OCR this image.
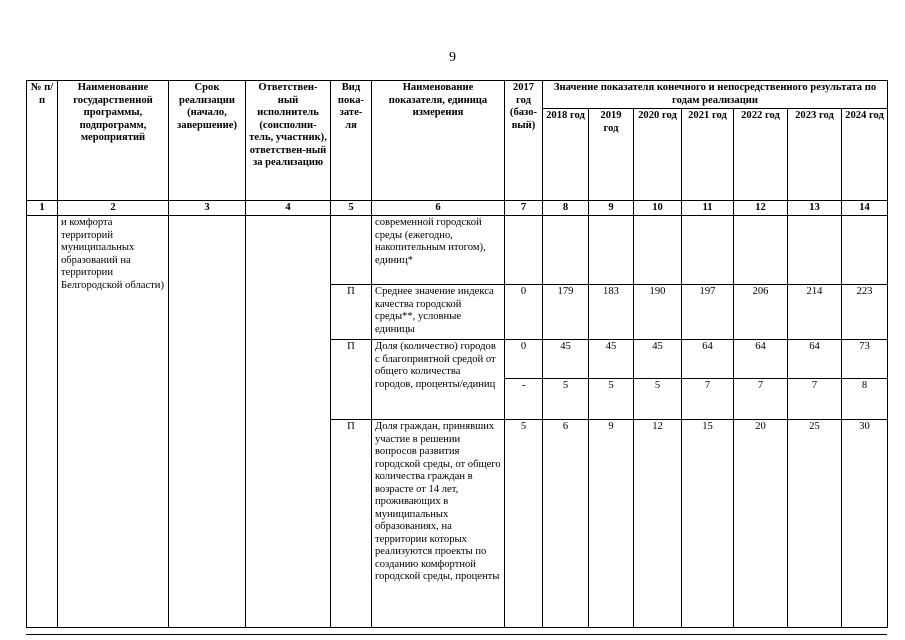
9
№ п/п	Наименование государственной программы, подпрограмм, мероприятий	Срок реализации (начало, завершение)	Ответствен-ный исполнитель (соисполни-тель, участник), ответствен-ный за реализацию	Вид пока-зате-ля	Наименование показателя, единица измерения	2017 год (базо-вый)	Значение показателя конечного и непосредственного результата по годам реализации						
							2018 год	2019 год	2020 год	2021 год	2022 год	2023 год	2024 год
1	2	3	4	5	6	7	8	9	10	11	12	13	14
	и комфорта территорий муниципальных образований на территории Белгородской области)				современной городской среды (ежегодно, накопительным итогом), единиц*								
				П	Среднее значение индекса качества городской среды**, условные единицы	0	179	183	190	197	206	214	223
				П	Доля (количество) городов с благоприятной средой от общего количества городов, проценты/единиц	0	45	45	45	64	64	64	73
						-	5	5	5	7	7	7	8
				П	Доля граждан, принявших участие в решении вопросов развития городской среды, от общего количества граждан в возрасте от 14 лет, проживающих в муниципальных образованиях, на территории которых реализуются проекты по созданию комфортной городской среды, проценты	5	6	9	12	15	20	25	30
